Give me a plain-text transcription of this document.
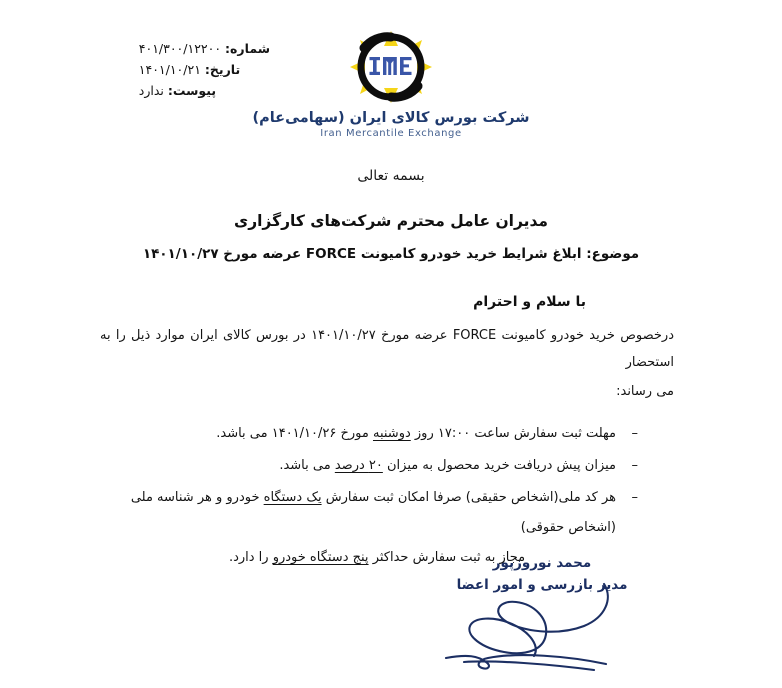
شماره: ۴۰۱/۳۰۰/۱۲۲۰۰
تاریخ: ۱۴۰۱/۱۰/۲۱
پیوست: ندارد
شرکت بورس کالای ایران (سهامی‌عام)
Iran Mercantile Exchange
بسمه تعالی
مدیران عامل محترم شرکت‌های کارگزاری
موضوع: ابلاغ شرایط خرید خودرو کامیونت FORCE عرضه مورخ ۱۴۰۱/۱۰/۲۷
با سلام و احترام
درخصوص خرید خودرو کامیونت FORCE عرضه مورخ ۱۴۰۱/۱۰/۲۷ در بورس کالای ایران موارد ذیل را به استحضار
می رساند:
–
مهلت ثبت سفارش ساعت ۱۷:۰۰ روز دوشنبه مورخ ۱۴۰۱/۱۰/۲۶ می باشد.
–
میزان پیش دریافت خرید محصول به میزان ۲۰ درصد می باشد.
–
هر کد ملی(اشخاص حقیقی) صرفا امکان ثبت سفارش یک دستگاه خودرو و هر شناسه ملی (اشخاص حقوقی)
مجاز به ثبت سفارش حداکثر پنج دستگاه خودرو را دارد.	محمد نوروزپور
مدیر بازرسی و امور اعضا
